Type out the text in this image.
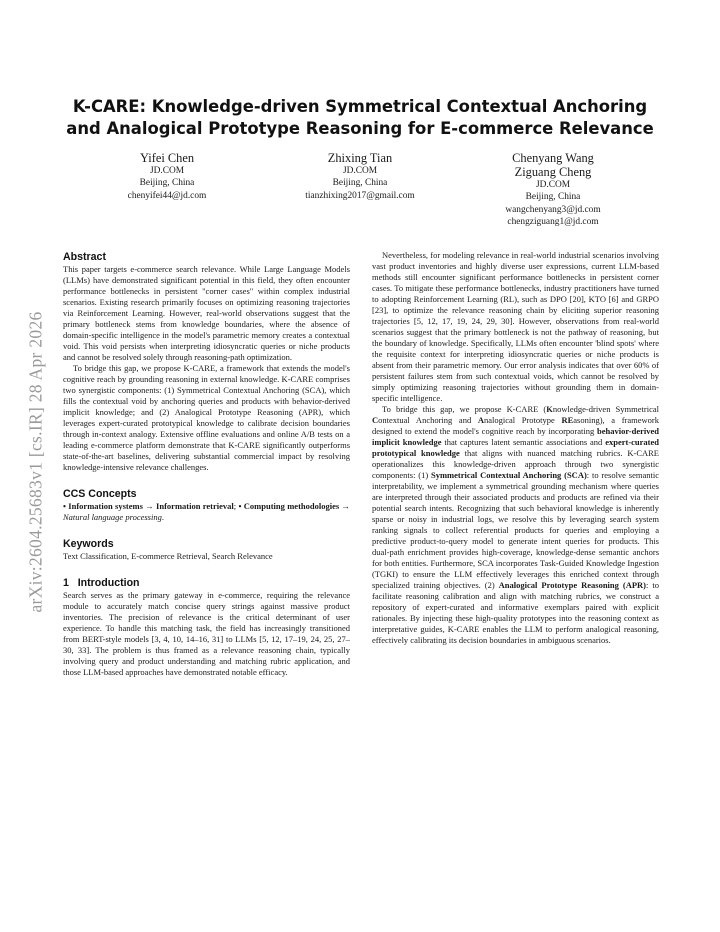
arXiv:2604.25683v1 [cs.IR] 28 Apr 2026
K-CARE: Knowledge-driven Symmetrical Contextual Anchoring
and Analogical Prototype Reasoning for E-commerce Relevance
Yifei Chen
JD.COM
Beijing, China
chenyifei44@jd.com
Zhixing Tian
JD.COM
Beijing, China
tianzhixing2017@gmail.com
Chenyang Wang
Ziguang Cheng
JD.COM
Beijing, China
wangchenyang3@jd.com
chengziguang1@jd.com
Abstract

This paper targets e-commerce search relevance. While Large Language Models (LLMs) have demonstrated significant potential in this field, they often encounter performance bottlenecks in persistent "corner cases" within complex industrial scenarios. Existing research primarily focuses on optimizing reasoning trajectories via Reinforcement Learning. However, real-world observations suggest that the primary bottleneck stems from knowledge boundaries, where the absence of domain-specific intelligence in the model's parametric memory creates a contextual void. This void persists when interpreting idiosyncratic queries or niche products and cannot be resolved solely through reasoning-path optimization.

To bridge this gap, we propose K-CARE, a framework that extends the model's cognitive reach by grounding reasoning in external knowledge. K-CARE comprises two synergistic components: (1) Symmetrical Contextual Anchoring (SCA), which fills the contextual void by anchoring queries and products with behavior-derived implicit knowledge; and (2) Analogical Prototype Reasoning (APR), which leverages expert-curated prototypical knowledge to calibrate decision boundaries through in-context analogy. Extensive offline evaluations and online A/B tests on a leading e-commerce platform demonstrate that K-CARE significantly outperforms state-of-the-art baselines, delivering substantial commercial impact by resolving knowledge-intensive relevance challenges.

CCS Concepts

• Information systems → Information retrieval; • Computing methodologies → Natural language processing.

Keywords

Text Classification, E-commerce Retrieval, Search Relevance

1   Introduction

Search serves as the primary gateway in e-commerce, requiring the relevance module to accurately match concise query strings against massive product inventories. The precision of relevance is the critical determinant of user experience. To handle this matching task, the field has increasingly transitioned from BERT-style models [3, 4, 10, 14–16, 31] to LLMs [5, 12, 17–19, 24, 25, 27–30, 33]. The problem is thus framed as a relevance reasoning chain, typically involving query and product understanding and matching rubric application, and those LLM-based approaches have demonstrated notable efficacy.

Nevertheless, for modeling relevance in real-world industrial scenarios involving vast product inventories and highly diverse user expressions, current LLM-based methods still encounter significant performance bottlenecks in persistent corner cases. To mitigate these performance bottlenecks, industry practitioners have turned to adopting Reinforcement Learning (RL), such as DPO [20], KTO [6] and GRPO [23], to optimize the relevance reasoning chain by eliciting superior reasoning trajectories [5, 12, 17, 19, 24, 29, 30]. However, observations from real-world scenarios suggest that the primary bottleneck is not the pathway of reasoning, but the boundary of knowledge. Specifically, LLMs often encounter 'blind spots' where the requisite context for interpreting idiosyncratic queries or niche products is absent from their parametric memory. Our error analysis indicates that over 60% of persistent failures stem from such contextual voids, which cannot be resolved by simply optimizing reasoning trajectories without grounding them in domain-specific intelligence.

To bridge this gap, we propose K-CARE (Knowledge-driven Symmetrical Contextual Anchoring and Analogical Prototype REasoning), a framework designed to extend the model's cognitive reach by incorporating behavior-derived implicit knowledge that captures latent semantic associations and expert-curated prototypical knowledge that aligns with nuanced matching rubrics. K-CARE operationalizes this knowledge-driven approach through two synergistic components: (1) Symmetrical Contextual Anchoring (SCA): to resolve semantic interpretability, we implement a symmetrical grounding mechanism where queries are interpreted through their associated products and products are refined via their potential search intents. Recognizing that such behavioral knowledge is inherently sparse or noisy in industrial logs, we resolve this by leveraging search system ranking signals to collect referential products for queries and employing a predictive product-to-query model to generate intent queries for products. This dual-path enrichment provides high-coverage, knowledge-dense semantic anchors for both entities. Furthermore, SCA incorporates Task-Guided Knowledge Ingestion (TGKI) to ensure the LLM effectively leverages this enriched context through specialized training objectives. (2) Analogical Prototype Reasoning (APR): to facilitate reasoning calibration and align with matching rubrics, we construct a repository of expert-curated and informative exemplars paired with explicit rationales. By injecting these high-quality prototypes into the reasoning context as interpretative guides, K-CARE enables the LLM to perform analogical reasoning, effectively calibrating its decision boundaries in ambiguous scenarios.
